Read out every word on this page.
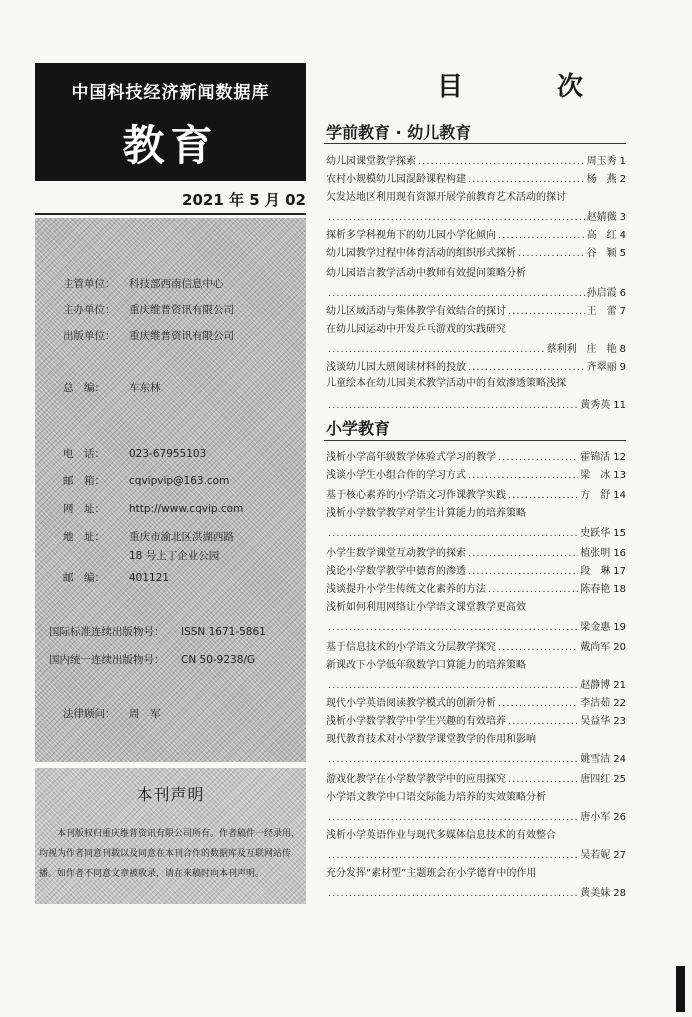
中国科技经济新闻数据库
教育
2021 年 5 月 02
主管单位： 科技部西南信息中心
主办单位： 重庆维普资讯有限公司
出版单位： 重庆维普资讯有限公司
总　编： 车东林
电　话： 023-67955103
邮　箱： cqvipvip@163.com
网　址： http://www.cqvip.com
地　址： 重庆市渝北区洪湖西路
18 号上丁企业公园
邮　编： 401121
国际标准连续出版物号： ISSN 1671-5861
国内统一连续出版物号： CN 50-9238/G
法律顾问： 周　军
本刊声明
本刊版权归重庆维普资讯有限公司所有。作者稿件一经录用，均视为作者同意刊载以及同意在本刊合作的数据库及互联网站传播。如作者不同意文章被收录，请在来稿时向本刊声明。
目　次
学前教育 · 幼儿教育
幼儿园课堂教学探索 .....	周玉秀 1
农村小规模幼儿园混龄课程构建 .....	杨　燕 2
欠发达地区利用现有资源开展学前教育艺术活动的探讨
.....
赵婧薇 3
探析多学科视角下的幼儿园小学化倾向 .....	高　红 4
幼儿园教学过程中体育活动的组织形式探析 .....	谷　颖 5
幼儿园语言教学活动中教师有效提问策略分析
.....
孙启霞 6
幼儿区域活动与集体教学有效结合的探讨 .....	王　蕾 7
在幼儿园运动中开发乒乓游戏的实践研究
.....
蔡利利　庄　艳 8
浅谈幼儿园大班阅读材料的投放 .....	齐翠丽 9
儿童绘本在幼儿园美术教学活动中的有效渗透策略浅探
.....
黄秀英 11
小学教育
浅析小学高年级数学体验式学习的教学 .....	霍锦活 12
浅谈小学生小组合作的学习方式 .....	梁　冰 13
基于核心素养的小学语文习作课教学实践 .....	方　舒 14
浅析小学数学教学对学生计算能力的培养策略
.....
史跃华 15
小学生数学课堂互动教学的探索 .....	植张明 16
浅论小学数学教学中德育的渗透 .....	段　琳 17
浅谈提升小学生传统文化素养的方法 .....	陈春艳 18
浅析如何利用网络让小学语文课堂教学更高效
.....
梁金惠 19
基于信息技术的小学语文分层教学探究 .....	戴尚军 20
新课改下小学低年级数学口算能力的培养策略
.....
赵静博 21
现代小学英语阅读教学模式的创新分析 .....	李洁茹 22
浅析小学数学教学中学生兴趣的有效培养 .....	吴益华 23
现代教育技术对小学数学课堂教学的作用和影响
.....
姚雪洁 24
游戏化教学在小学数学教学中的应用探究 .....	唐四红 25
小学语文教学中口语交际能力培养的实效策略分析
.....
唐小军 26
浅析小学英语作业与现代多媒体信息技术的有效整合
.....
吴若妮 27
充分发挥“素材型”主题班会在小学德育中的作用
.....
黄美妹 28
